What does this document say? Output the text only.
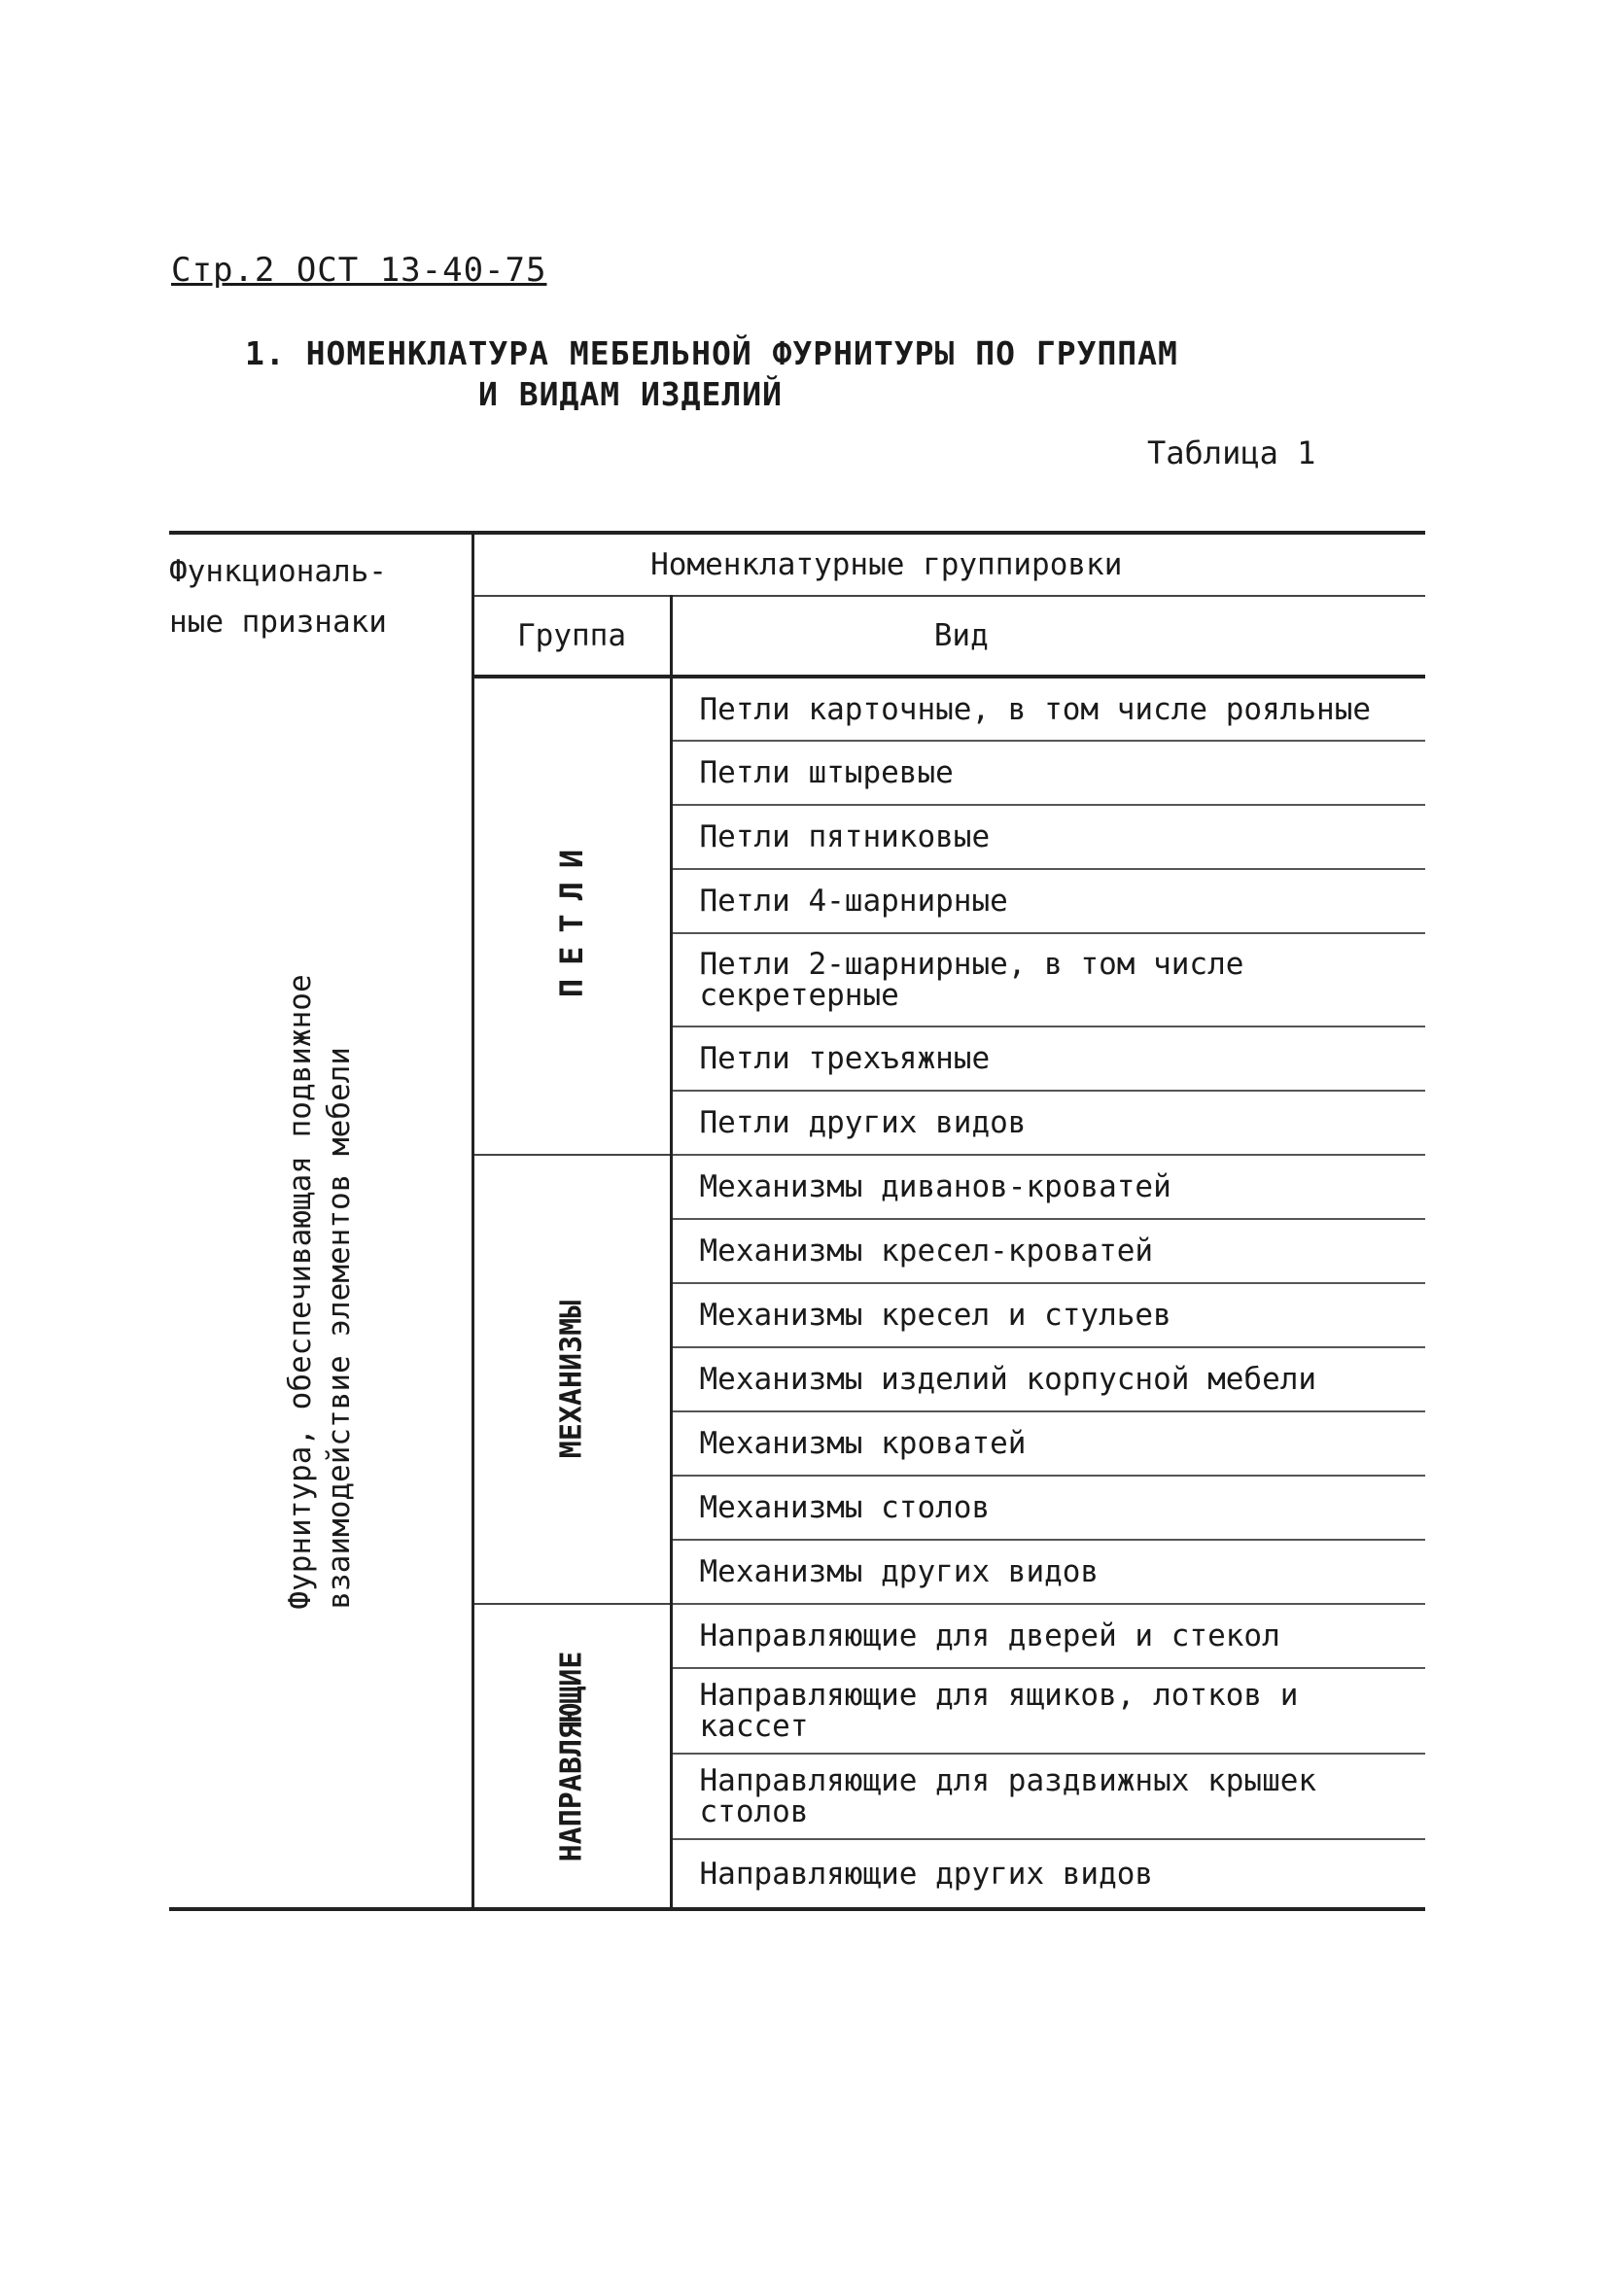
Стр.2 ОСТ 13-40-75
1. НОМЕНКЛАТУРА МЕБЕЛЬНОЙ ФУРНИТУРЫ ПО ГРУППАМ
И ВИДАМ ИЗДЕЛИЙ
Таблица 1
Функциональ-
ные признаки	Номенклатурные группировки	
	Группа	Вид

Фурнитура, обеспечивающая подвижное взаимодействие элементов мебели	ПЕТЛИ	Петли карточные, в том числе рояльные
		Петли штыревые
		Петли пятниковые
		Петли 4-шарнирные
		Петли 2-шарнирные, в том числе секретерные
		Петли трехъяжные
		Петли других видов

	МЕХАНИЗМЫ	Механизмы диванов-кроватей
		Механизмы кресел-кроватей
		Механизмы кресел и стульев
		Механизмы изделий корпусной мебели
		Механизмы кроватей
		Механизмы столов
		Механизмы других видов

	НАПРАВЛЯЮЩИЕ	Направляющие для дверей и стекол
		Направляющие для ящиков, лотков и кассет
		Направляющие для раздвижных крышек столов
		Направляющие других видов
